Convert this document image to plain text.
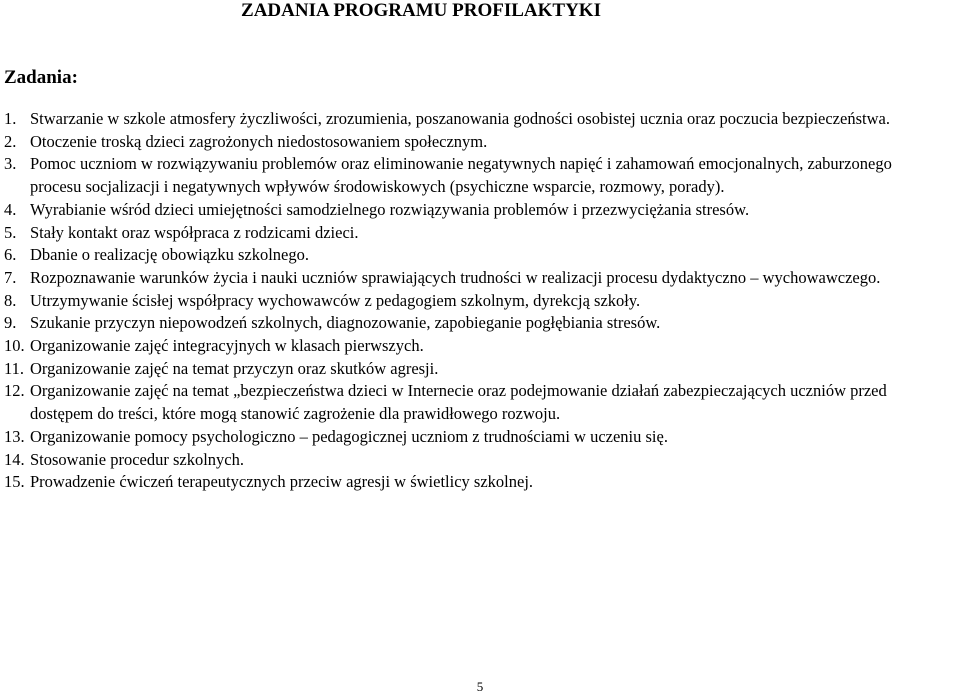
ZADANIA PROGRAMU PROFILAKTYKI
Zadania:
1. Stwarzanie w szkole atmosfery życzliwości, zrozumienia, poszanowania godności osobistej ucznia oraz poczucia bezpieczeństwa.
2. Otoczenie troską dzieci zagrożonych niedostosowaniem społecznym.
3. Pomoc uczniom w rozwiązywaniu problemów oraz eliminowanie negatywnych napięć i zahamowań emocjonalnych, zaburzonego procesu socjalizacji i negatywnych wpływów środowiskowych (psychiczne wsparcie, rozmowy, porady).
4. Wyrabianie wśród dzieci umiejętności samodzielnego rozwiązywania problemów i przezwyciężania stresów.
5. Stały kontakt oraz współpraca z rodzicami dzieci.
6. Dbanie o realizację obowiązku szkolnego.
7. Rozpoznawanie warunków życia i nauki uczniów sprawiających trudności w realizacji procesu dydaktyczno – wychowawczego.
8. Utrzymywanie ścisłej współpracy wychowawców z pedagogiem szkolnym, dyrekcją szkoły.
9. Szukanie przyczyn niepowodzeń szkolnych, diagnozowanie, zapobieganie pogłębiania stresów.
10. Organizowanie zajęć integracyjnych w klasach pierwszych.
11. Organizowanie zajęć na temat przyczyn oraz skutków agresji.
12. Organizowanie zajęć na temat „bezpieczeństwa dzieci w Internecie oraz podejmowanie działań zabezpieczających uczniów przed dostępem do treści, które mogą stanowić zagrożenie dla prawidłowego rozwoju.
13. Organizowanie pomocy psychologiczno – pedagogicznej uczniom z trudnościami w uczeniu się.
14. Stosowanie procedur szkolnych.
15. Prowadzenie ćwiczeń terapeutycznych przeciw agresji w świetlicy szkolnej.
5
